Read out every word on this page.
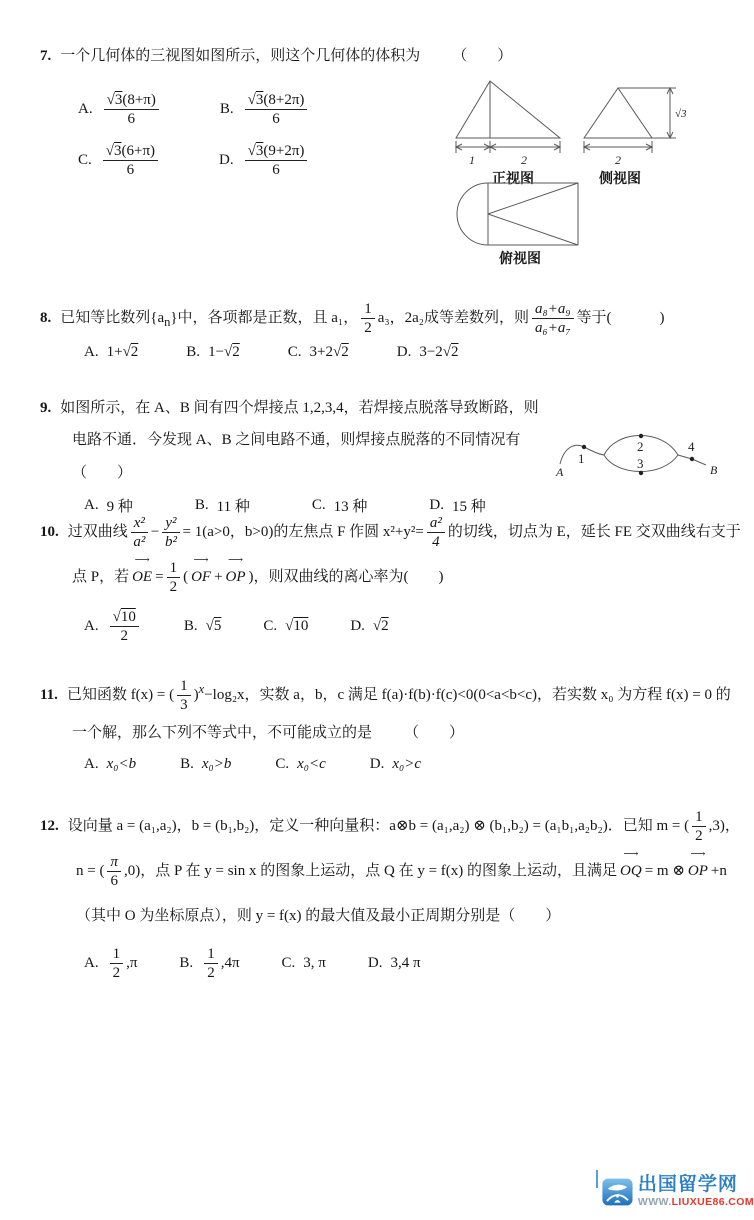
7. 一个几何体的三视图如图所示，则这个几何体的体积为 （　　）
A. √ $\frac{3(8+\pi)}{6}$	B. √ $\frac{3(8+2\pi)}{6}$
C. √ $\frac{3(6+\pi)}{6}$	D. √ $\frac{3(9+2\pi)}{6}$	1	2
正视图
2
√3
侧视图
俯视图
8. 已知等比数列$\{a_n\}$中，各项都是正数，且 a₁， $\frac{1}{2} a_3$，2a₂成等差数列，则 $\frac{\text{a₈+a₉}}{\text{a₆+a₇}}$ 等于(　　)
A. 1+ √ 2	B. 1− √ 2	C. 3+2 √ 2	D. 3−2 √ 2
9. 如图所示，在 A、B 间有四个焊接点 1,2,3,4，若焊接点脱落导致断路，则电路不通．今发现 A、B 之间电路不通，则焊接点脱落的不同情况有（　　）
A. 9 种	B. 11 种	C. 13 种	D. 15 种
A
1
2
3
4
B
10. 过双曲线 $\frac{\text{x²}}{\text{a²}} - \frac{\text{y²}}{\text{b²}} = 1(a>0$，b>0)的左焦点 F 作圆 $x^2+y^2= \frac{\text{a²}}{4}$ 的切线，切点为 E，延长 FE 交双曲线右支于点 P，若 ⟶ OE = $\frac{1}{2}$ ( ⟶ OF + ⟶ OP )，则双曲线的离心率为(　　)
A. √ $\frac{10}{2}$	B.	√ 5	C.	√ 10	D.	√ 2
11. 已知函数 f(x) = ( $\frac{1}{3} )^x-\log_2x$，实数 a，b，c 满足 f(a)·f(b)·f(c)<0(0<a<b<c)，若实数 x₀ 为方程 f(x) = 0 的一个解，那么下列不等式中，不可能成立的是 （　　）
A. x₀<b	B. x₀>b	C. x₀<c	D. x₀>c
12. 设向量 a = (a₁,a₂)，b = (b₁,b₂)，定义一种向量积：a⊗b = (a₁,a₂) ⊗ (b₁,b₂) = (a₁b₁,a₂b₂)．已知 m = ( $\frac{1}{2} ,3$)，n = ( $\frac{\pi}{6} ,0$)，点 P 在 y = sin x 的图象上运动，点 Q 在 y = f(x) 的图象上运动，且满足 ⟶ OQ = m ⊗ ⟶ OP +n（其中 O 为坐标原点），则 y = f(x) 的最大值及最小正周期分别是（　　）
A. $\frac{1}{2} ,\pi$	B. $\frac{1}{2} ,4\pi$	C. 3, π	D. 3,4 π
出国留学网
WWW.LIUXUE86.COM
